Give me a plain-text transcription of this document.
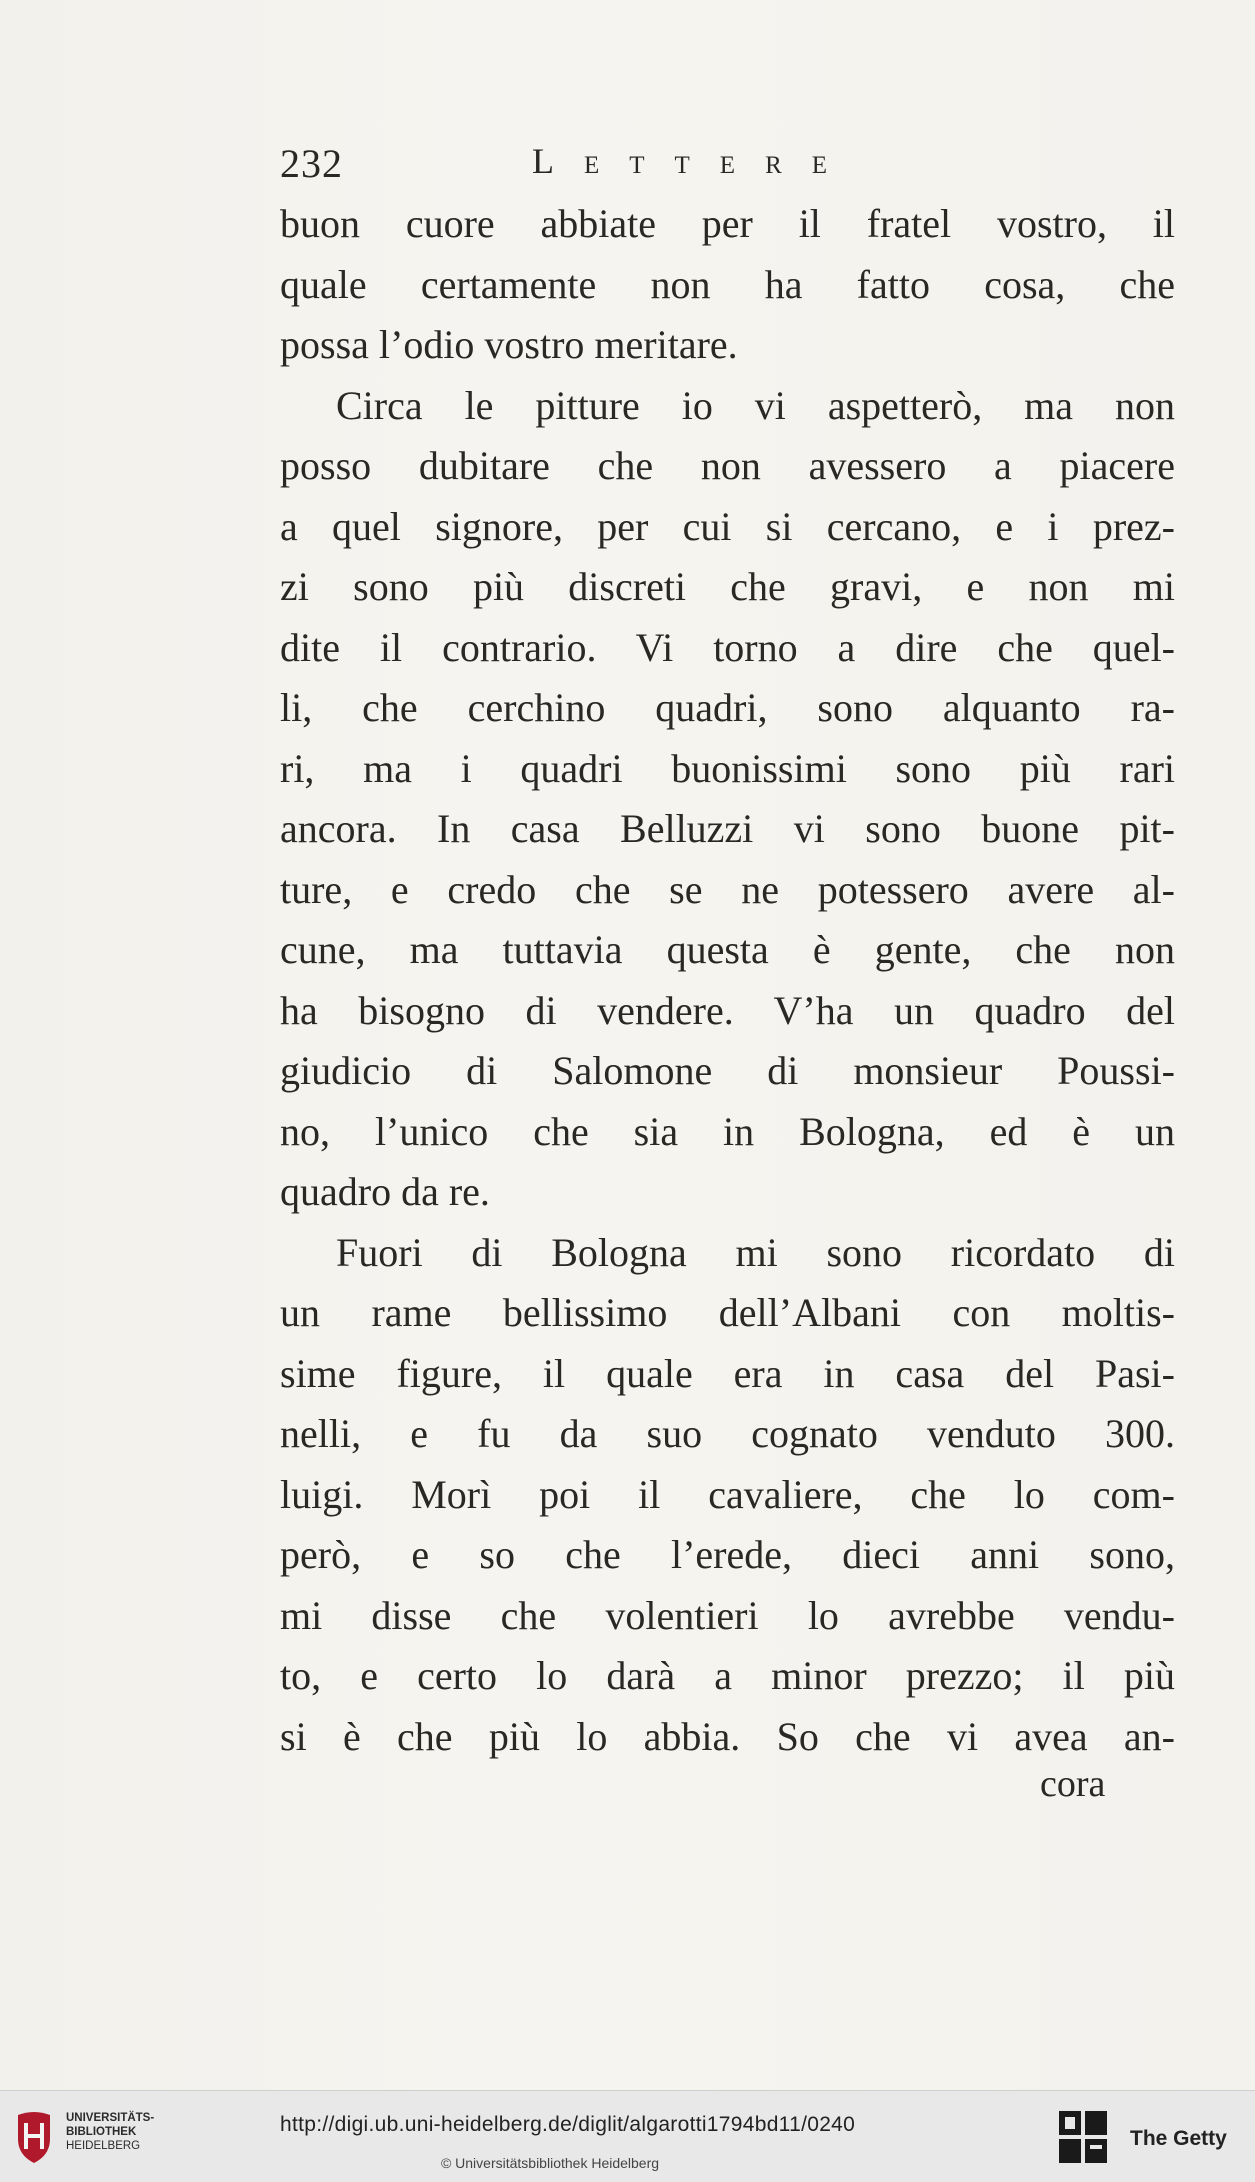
232	Lettere
buon cuore abbiate per il fratel vostro, il
quale certamente non ha fatto cosa, che
possa l’odio vostro meritare.
Circa le pitture io vi aspetterò, ma non
posso dubitare che non avessero a piacere
a quel signore, per cui si cercano, e i prez-
zi sono più discreti che gravi, e non mi
dite il contrario. Vi torno a dire che quel-
li, che cerchino quadri, sono alquanto ra-
ri, ma i quadri buonissimi sono più rari
ancora. In casa Belluzzi vi sono buone pit-
ture, e credo che se ne potessero avere al-
cune, ma tuttavia questa è gente, che non
ha bisogno di vendere. V’ha un quadro del
giudicio di Salomone di monsieur Poussi-
no, l’unico che sia in Bologna, ed è un
quadro da re.
Fuori di Bologna mi sono ricordato di
un rame bellissimo dell’Albani con moltis-
sime figure, il quale era in casa del Pasi-
nelli, e fu da suo cognato venduto 300.
luigi. Morì poi il cavaliere, che lo com-
però, e so che l’erede, dieci anni sono,
mi disse che volentieri lo avrebbe vendu-
to, e certo lo darà a minor prezzo; il più
si è che più lo abbia. So che vi avea an-
cora
UNIVERSITÄTS-
BIBLIOTHEK
HEIDELBERG
http://digi.ub.uni-heidelberg.de/diglit/algarotti1794bd11/0240
© Universitätsbibliothek Heidelberg
The Getty
